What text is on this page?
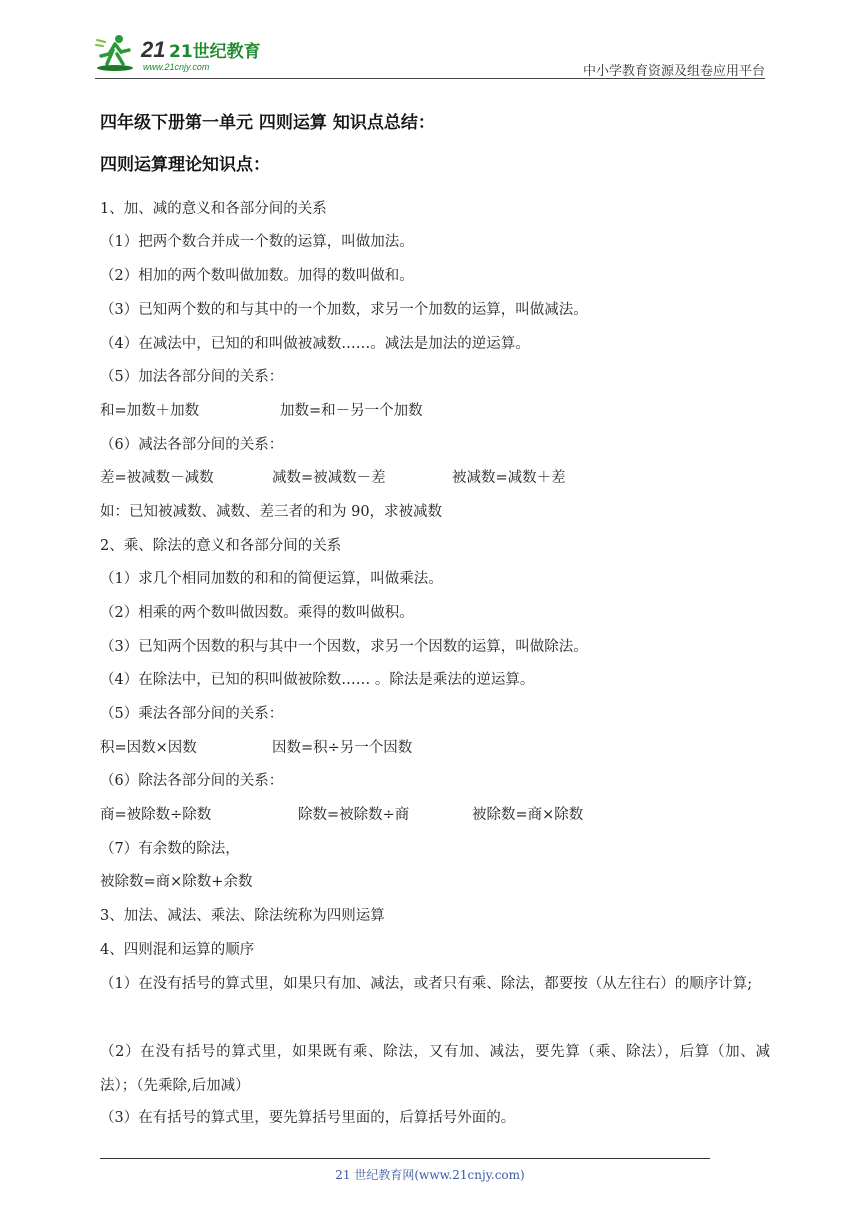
21 21世纪教育
www.21cnjy.com	中小学教育资源及组卷应用平台
四年级下册第一单元 四则运算 知识点总结：
四则运算理论知识点：
1、加、减的意义和各部分间的关系
（1）把两个数合并成一个数的运算，叫做加法。
（2）相加的两个数叫做加数。加得的数叫做和。
（3）已知两个数的和与其中的一个加数，求另一个加数的运算，叫做减法。
（4）在减法中，已知的和叫做被减数……。减法是加法的逆运算。
（5）加法各部分间的关系：
和=加数＋加数	加数=和－另一个加数
（6）减法各部分间的关系：
差=被减数－减数	减数=被减数－差	被减数=减数＋差
如：已知被减数、减数、差三者的和为 90，求被减数
2、乘、除法的意义和各部分间的关系
（1）求几个相同加数的和和的简便运算，叫做乘法。
（2）相乘的两个数叫做因数。乘得的数叫做积。
（3）已知两个因数的积与其中一个因数，求另一个因数的运算，叫做除法。
（4）在除法中，已知的积叫做被除数…… 。除法是乘法的逆运算。
（5）乘法各部分间的关系：
积=因数×因数	因数=积÷另一个因数
（6）除法各部分间的关系：
商=被除数÷除数	除数=被除数÷商	被除数=商×除数
（7）有余数的除法，
被除数=商×除数+余数
3、加法、减法、乘法、除法统称为四则运算
4、四则混和运算的顺序
（1）在没有括号的算式里，如果只有加、减法，或者只有乘、除法，都要按（从左往右）的顺序计算;
（2）在没有括号的算式里，如果既有乘、除法，又有加、减法，要先算（乘、除法），后算（加、减法）；（先乘除,后加减）
（3）在有括号的算式里，要先算括号里面的，后算括号外面的。
21 世纪教育网(www.21cnjy.com)
